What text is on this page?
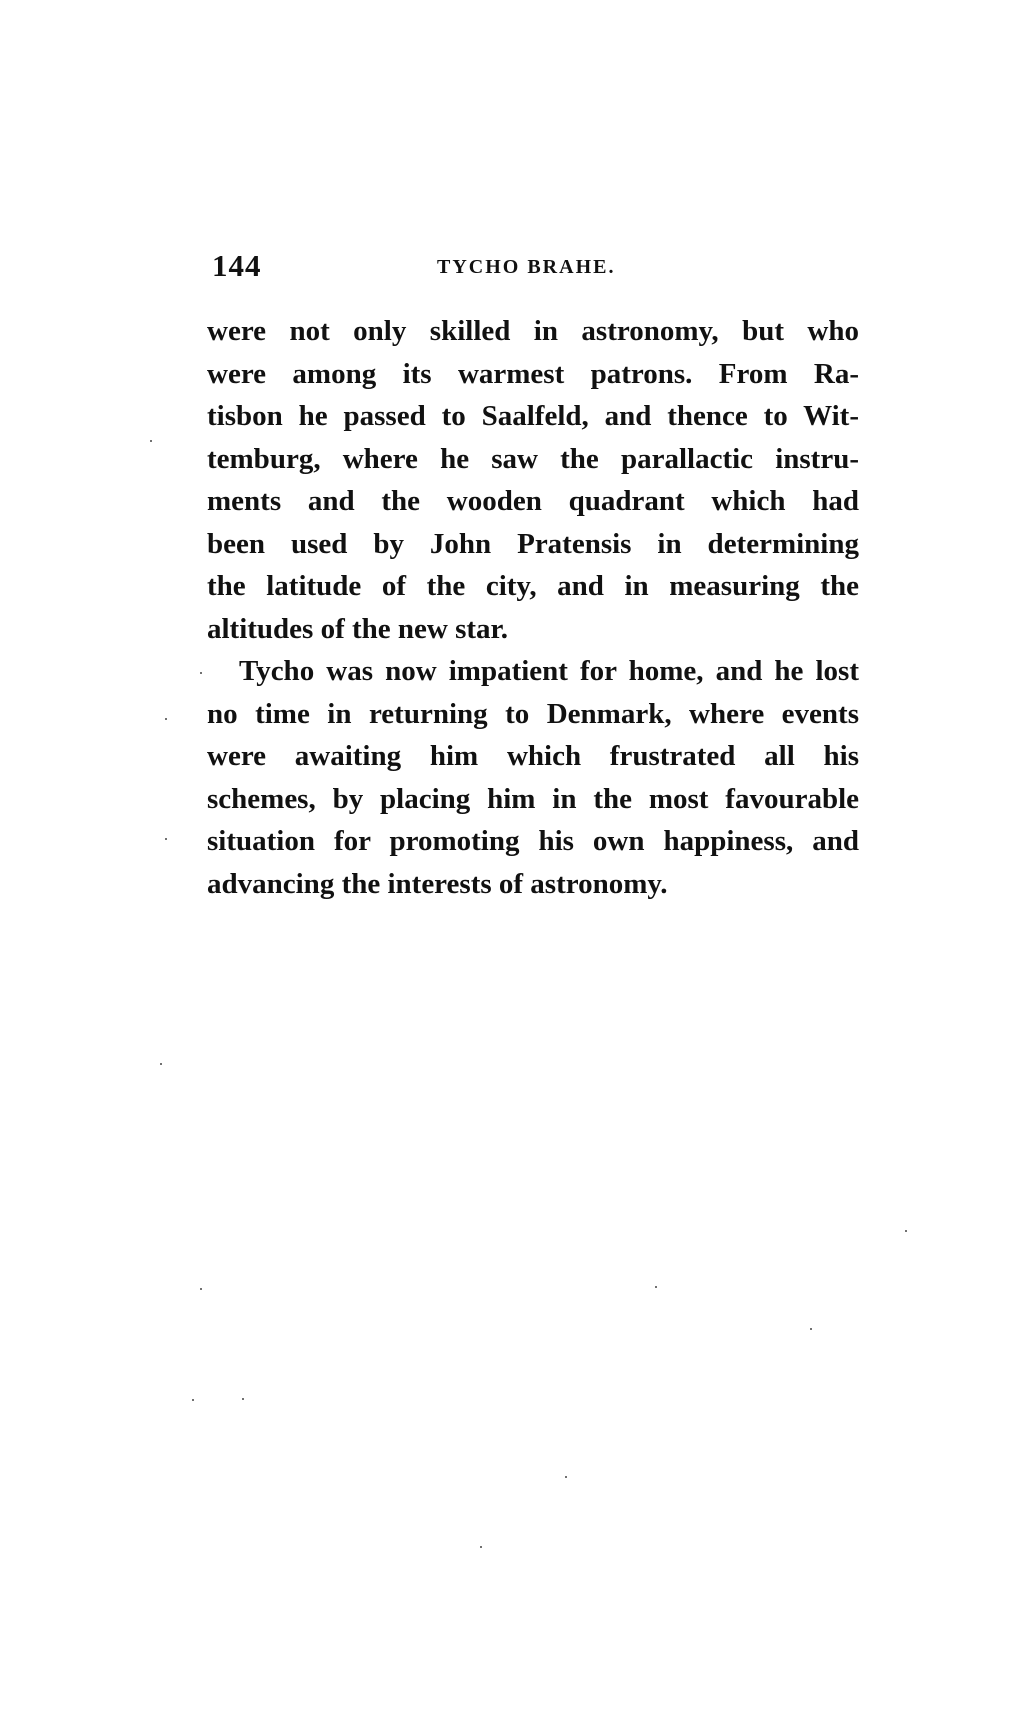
144	TYCHO BRAHE.

were not only skilled in astronomy, but who
were among its warmest patrons. From Ra-
tisbon he passed to Saalfeld, and thence to Wit-
temburg, where he saw the parallactic instru-
ments and the wooden quadrant which had
been used by John Pratensis in determining
the latitude of the city, and in measuring the
altitudes of the new star.

Tycho was now impatient for home, and he lost
no time in returning to Denmark, where events
were awaiting him which frustrated all his
schemes, by placing him in the most favourable
situation for promoting his own happiness, and
advancing the interests of astronomy.
